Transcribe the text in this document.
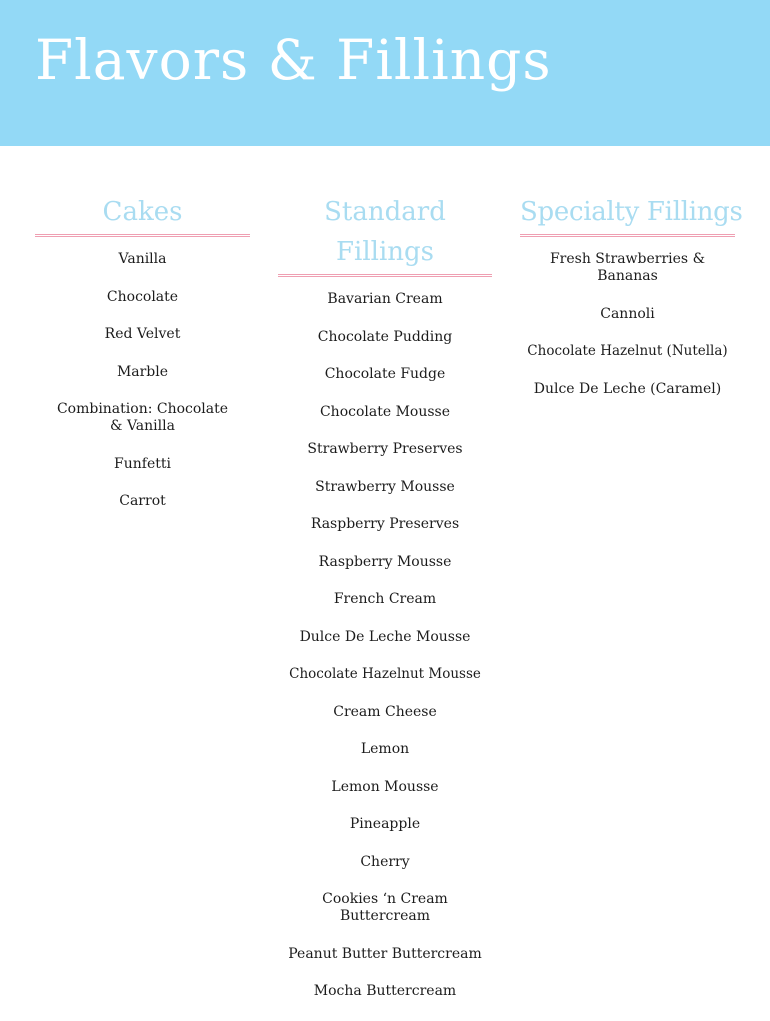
Flavors & Fillings
Cakes
Vanilla
Chocolate
Red Velvet
Marble
Combination: Chocolate & Vanilla
Funfetti
Carrot
Standard Fillings
Bavarian Cream
Chocolate Pudding
Chocolate Fudge
Chocolate Mousse
Strawberry Preserves
Strawberry Mousse
Raspberry Preserves
Raspberry Mousse
French Cream
Dulce De Leche Mousse
Chocolate Hazelnut Mousse
Cream Cheese
Lemon
Lemon Mousse
Pineapple
Cherry
Cookies ‘n Cream Buttercream
Peanut Butter Buttercream
Mocha Buttercream
Specialty Fillings
Fresh Strawberries & Bananas
Cannoli
Chocolate Hazelnut (Nutella)
Dulce De Leche (Caramel)
